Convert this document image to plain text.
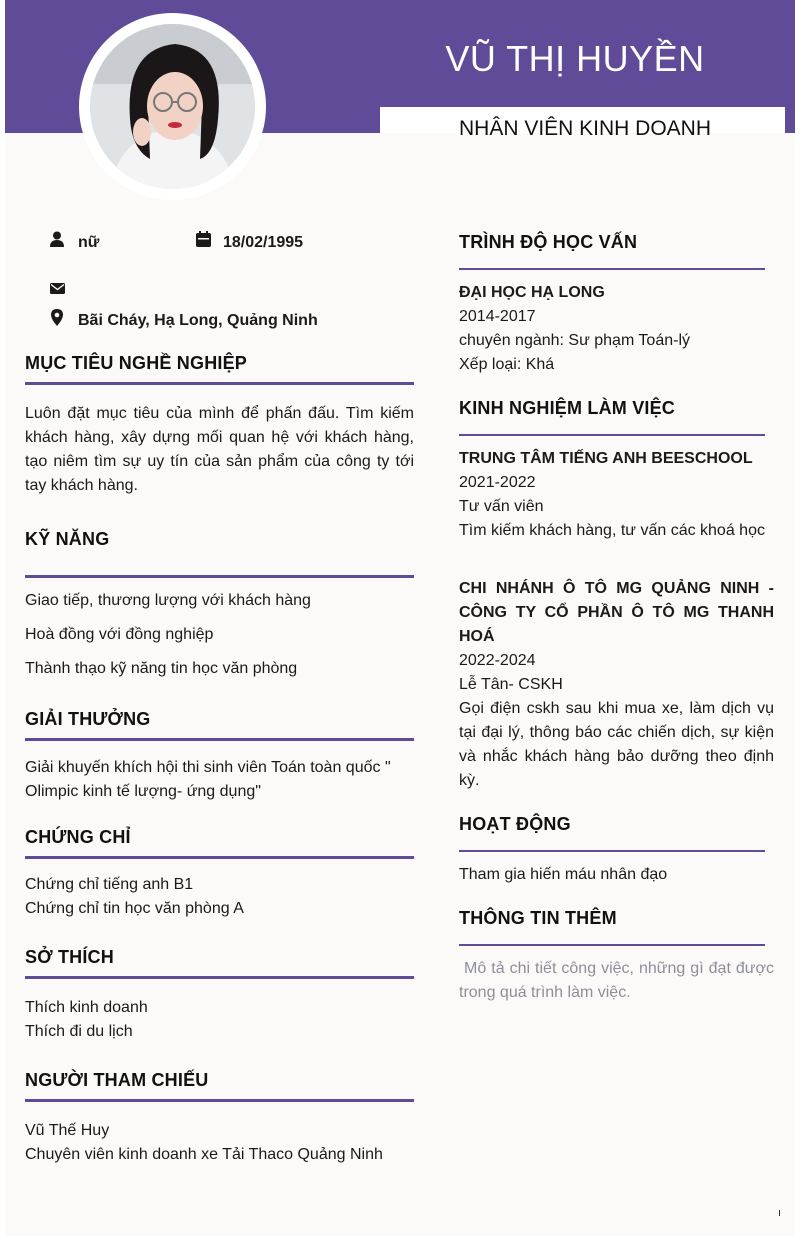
VŨ THỊ HUYỀN
NHÂN VIÊN KINH DOANH
nữ	18/02/1995
Bãi Cháy, Hạ Long, Quảng Ninh
MỤC TIÊU NGHỀ NGHIỆP
Luôn đặt mục tiêu của mình để phấn đấu. Tìm kiếm khách hàng, xây dựng mối quan hệ với khách hàng, tạo niêm tìm sự uy tín của sản phẩm của công ty tới tay khách hàng.
KỸ NĂNG
Giao tiếp, thương lượng với khách hàng
Hoà đồng với đồng nghiệp
Thành thạo kỹ năng tin học văn phòng
GIẢI THƯỞNG
Giải khuyến khích hội thi sinh viên Toán toàn quốc " Olimpic kinh tế lượng- ứng dụng"
CHỨNG CHỈ
Chứng chỉ tiếng anh B1
Chứng chỉ tin học văn phòng A
SỞ THÍCH
Thích kinh doanh
Thích đi du lịch
NGƯỜI THAM CHIẾU
Vũ Thế Huy
Chuyên viên kinh doanh xe Tải Thaco Quảng Ninh
TRÌNH ĐỘ HỌC VẤN
ĐẠI HỌC HẠ LONG
2014-2017
chuyên ngành: Sư phạm Toán-lý
Xếp loại: Khá
KINH NGHIỆM LÀM VIỆC
TRUNG TÂM TIẾNG ANH BEESCHOOL
2021-2022
Tư vấn viên
Tìm kiếm khách hàng, tư vấn các khoá học
CHI NHÁNH Ô TÔ MG QUẢNG NINH - CÔNG TY CỔ PHẦN Ô TÔ MG THANH HOÁ
2022-2024
Lễ Tân- CSKH
Gọi điện cskh sau khi mua xe, làm dịch vụ tại đại lý, thông báo các chiến dịch, sự kiện và nhắc khách hàng bảo dưỡng theo định kỳ.
HOẠT ĐỘNG
Tham gia hiến máu nhân đạo
THÔNG TIN THÊM
Mô tả chi tiết công việc, những gì đạt được trong quá trình làm việc.
